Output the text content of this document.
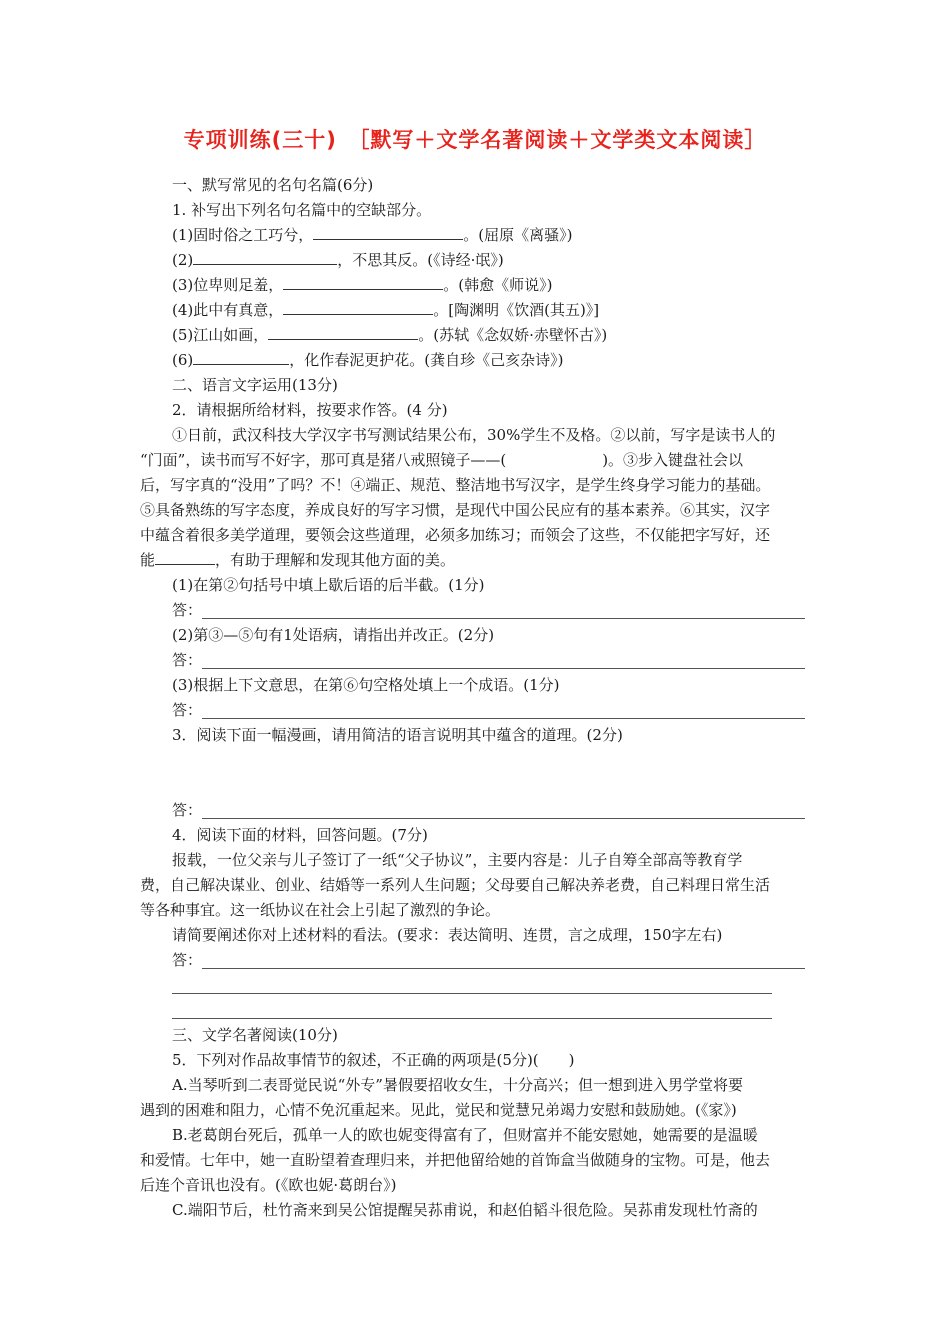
专项训练(三十)　［默写＋文学名著阅读＋文学类文本阅读］
一、默写常见的名句名篇(6分)
1. 补写出下列名句名篇中的空缺部分。
(1)固时俗之工巧兮，	。(屈原《离骚》)
(2)	，不思其反。(《诗经·氓》)
(3)位卑则足羞，	。(韩愈《师说》)
(4)此中有真意，	。[陶渊明《饮酒(其五)》]
(5)江山如画，	。(苏轼《念奴娇·赤壁怀古》)
(6)	，化作春泥更护花。(龚自珍《己亥杂诗》)
二、语言文字运用(13分)
2．请根据所给材料，按要求作答。(4 分)
①日前，武汉科技大学汉字书写测试结果公布，30%学生不及格。②以前，写字是读书人的
“门面”，读书而写不好字，那可真是猪八戒照镜子——(	)。③步入键盘社会以
后，写字真的“没用”了吗？不！④端正、规范、整洁地书写汉字，是学生终身学习能力的基础。
⑤具备熟练的写字态度，养成良好的写字习惯，是现代中国公民应有的基本素养。⑥其实，汉字
中蕴含着很多美学道理，要领会这些道理，必须多加练习；而领会了这些，不仅能把字写好，还
能	，有助于理解和发现其他方面的美。
(1)在第②句括号中填上歇后语的后半截。(1分)
答：
(2)第③—⑤句有1处语病，请指出并改正。(2分)
答：
(3)根据上下文意思，在第⑥句空格处填上一个成语。(1分)
答：
3．阅读下面一幅漫画，请用简洁的语言说明其中蕴含的道理。(2分)
答：
4．阅读下面的材料，回答问题。(7分)
报载，一位父亲与儿子签订了一纸“父子协议”，主要内容是：儿子自筹全部高等教育学
费，自己解决谋业、创业、结婚等一系列人生问题；父母要自己解决养老费，自己料理日常生活
等各种事宜。这一纸协议在社会上引起了激烈的争论。
请简要阐述你对上述材料的看法。(要求：表达简明、连贯，言之成理，150字左右)
答：
三、文学名著阅读(10分)
5．下列对作品故事情节的叙述，不正确的两项是(5分)(　　)
A.当琴听到二表哥觉民说“外专”暑假要招收女生，十分高兴；但一想到进入男学堂将要
遇到的困难和阻力，心情不免沉重起来。见此，觉民和觉慧兄弟竭力安慰和鼓励她。(《家》)
B.老葛朗台死后，孤单一人的欧也妮变得富有了，但财富并不能安慰她，她需要的是温暖
和爱情。七年中，她一直盼望着查理归来，并把他留给她的首饰盒当做随身的宝物。可是，他去
后连个音讯也没有。(《欧也妮·葛朗台》)
C.端阳节后，杜竹斋来到吴公馆提醒吴荪甫说，和赵伯韬斗很危险。吴荪甫发现杜竹斋的
